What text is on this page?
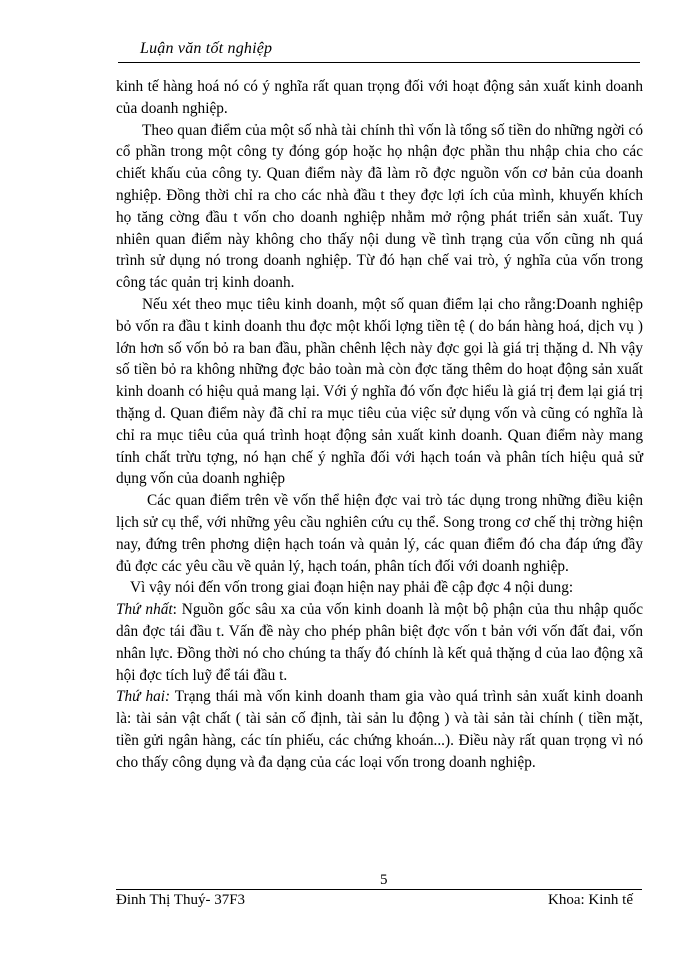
Luận văn tốt nghiệp

kinh tế hàng hoá nó có ý nghĩa rất quan trọng đối với hoạt động sản xuất kinh doanh của doanh nghiệp.

Theo quan điểm của một số nhà tài chính thì vốn là tổng số tiền do những ngời có cổ phần trong một công ty đóng góp hoặc họ nhận đợc phần thu nhập chia cho các chiết khấu của công ty. Quan điểm này đã làm rõ đợc nguồn vốn cơ bản của doanh nghiệp. Đồng thời chỉ ra cho các nhà đầu t they đợc lợi ích của mình, khuyến khích họ tăng cờng đầu t vốn cho doanh nghiệp nhằm mở rộng phát triển sản xuất. Tuy nhiên quan điểm này không cho thấy nội dung về tình trạng của vốn cũng nh quá trình sử dụng nó trong doanh nghiệp. Từ đó hạn chế vai trò, ý nghĩa của vốn trong công tác quản trị kinh doanh.

Nếu xét theo mục tiêu kinh doanh, một số quan điểm lại cho rằng:Doanh nghiệp bỏ vốn ra đầu t kinh doanh thu đợc một khối lợng tiền tệ ( do bán hàng hoá, dịch vụ ) lớn hơn số vốn bỏ ra ban đầu, phần chênh lệch này đợc gọi là giá trị thặng d. Nh vậy số tiền bỏ ra không những đợc bảo toàn mà còn đợc tăng thêm do hoạt động sản xuất kinh doanh có hiệu quả mang lại. Với ý nghĩa đó vốn đợc hiểu là giá trị đem lại giá trị thặng d. Quan điểm này đã chỉ ra mục tiêu của việc sử dụng vốn và cũng có nghĩa là chỉ ra mục tiêu của quá trình hoạt động sản xuất kinh doanh. Quan điểm này mang tính chất trừu tợng, nó hạn chế ý nghĩa đối với hạch toán và phân tích hiệu quả sử dụng vốn của doanh nghiệp

Các quan điểm trên về vốn thể hiện đợc vai trò tác dụng trong những điều kiện lịch sử cụ thể, với những yêu cầu nghiên cứu cụ thể. Song trong cơ chế thị trờng hiện nay, đứng trên phơng diện hạch toán và quản lý, các quan điểm đó cha đáp ứng đầy đủ đợc các yêu cầu về quản lý, hạch toán, phân tích đối với doanh nghiệp.

Vì vậy nói đến vốn trong giai đoạn hiện nay phải đề cập đợc 4 nội dung:

Thứ nhất: Nguồn gốc sâu xa của vốn kinh doanh là một bộ phận của thu nhập quốc dân đợc tái đầu t. Vấn đề này cho phép phân biệt đợc vốn t bản với vốn đất đai, vốn nhân lực. Đồng thời nó cho chúng ta thấy đó chính là kết quả thặng d của lao động xã hội đợc tích luỹ để tái đầu t.

Thứ hai: Trạng thái mà vốn kinh doanh tham gia vào quá trình sản xuất kinh doanh là: tài sản vật chất ( tài sản cố định, tài sản lu động ) và tài sản tài chính ( tiền mặt, tiền gửi ngân hàng, các tín phiếu, các chứng khoán...). Điều này rất quan trọng vì nó cho thấy công dụng và đa dạng của các loại vốn trong doanh nghiệp.

5
Đinh Thị Thuý- 37F3	Khoa: Kinh tế
